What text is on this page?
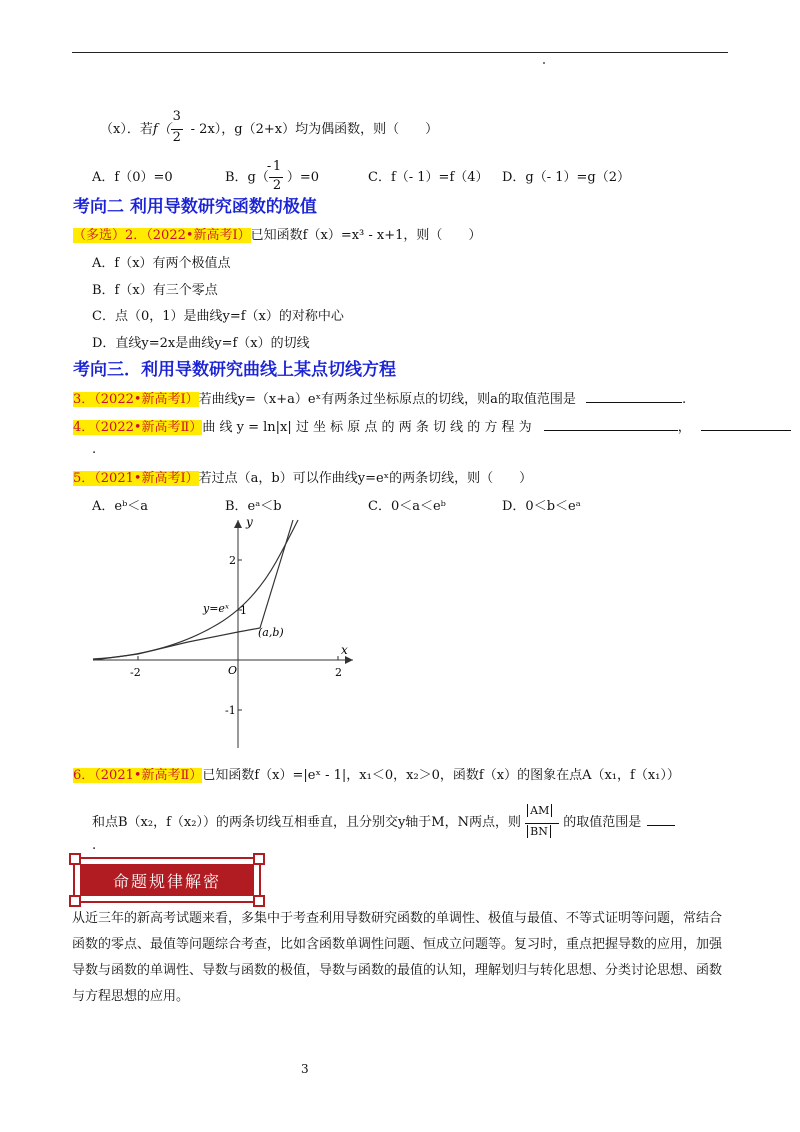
（x）．若f（
$\frac{3}{2}$
- 2x），g（2+x）均为偶函数，则（　　）
A．f（0）=0	B．g（
- 1
2
）=0	C．f（- 1）=f（4） D．g（- 1）=g（2）
考向二 利用导数研究函数的极值
（多选）2．（2022•新高考Ⅰ）已知函数f（x）=x³ - x+1，则（　　）
A．f（x）有两个极值点
B．f（x）有三个零点
C．点（0，1）是曲线y=f（x）的对称中心
D．直线y=2x是曲线y=f（x）的切线
考向三．利用导数研究曲线上某点切线方程
3．（2022•新高考Ⅰ）若曲线y=（x+a）eˣ有两条过坐标原点的切线，则a的取值范围是	.
4．（2022•新高考Ⅱ）曲 线 y = ln|x| 过 坐 标 原 点 的 两 条 切 线 的 方 程 为	，
.
5．（2021•新高考Ⅰ）若过点（a，b）可以作曲线y=eˣ的两条切线，则（　　）
A．eᵇ＜a	B．eᵃ＜b	C．0＜a＜eᵇ	D．0＜b＜eᵃ
y
x
O
2
1
-1
-2	2
y=eˣ
(a,b)
6．（2021•新高考Ⅱ）已知函数f（x）=|eˣ - 1|，x₁＜0，x₂＞0，函数f（x）的图象在点A（x₁，f（x₁））
和点B（x₂，f（x₂））的两条切线互相垂直，且分别交y轴于M，N两点，则
$\frac{AM}{BN}$
的取值范围是
.
命题规律解密
从近三年的新高考试题来看，多集中于考查利用导数研究函数的单调性、极值与最值、不等式证明等问题，常结合函数的零点、最值等问题综合考查，比如含函数单调性问题、恒成立问题等。复习时，重点把握导数的应用，加强导数与函数的单调性、导数与函数的极值，导数与函数的最值的认知，理解划归与转化思想、分类讨论思想、函数与方程思想的应用。
3
